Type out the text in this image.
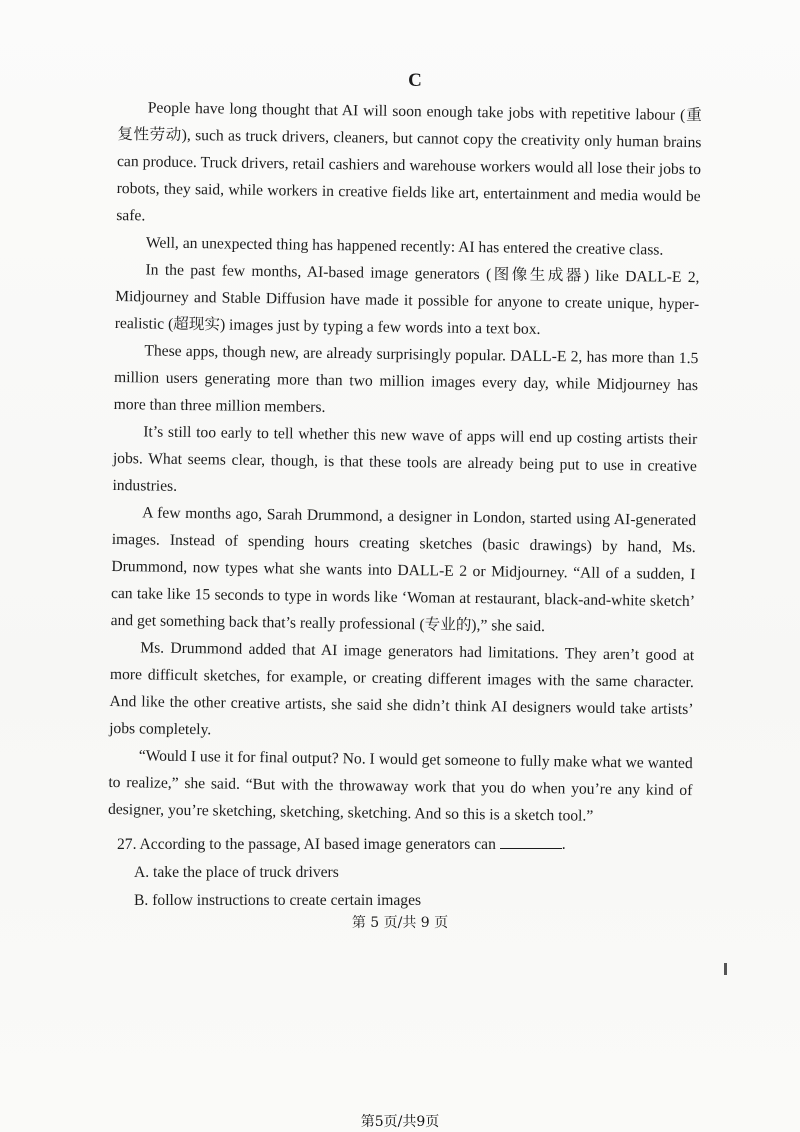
C

People have long thought that AI will soon enough take jobs with repetitive labour (重复性劳动), such as truck drivers, cleaners, but cannot copy the creativity only human brains can produce. Truck drivers, retail cashiers and warehouse workers would all lose their jobs to robots, they said, while workers in creative fields like art, entertainment and media would be safe.

Well, an unexpected thing has happened recently: AI has entered the creative class.

In the past few months, AI-based image generators (图像生成器) like DALL-E 2, Midjourney and Stable Diffusion have made it possible for anyone to create unique, hyper-realistic (超现实) images just by typing a few words into a text box.

These apps, though new, are already surprisingly popular. DALL-E 2, has more than 1.5 million users generating more than two million images every day, while Midjourney has more than three million members.

It’s still too early to tell whether this new wave of apps will end up costing artists their jobs. What seems clear, though, is that these tools are already being put to use in creative industries.

A few months ago, Sarah Drummond, a designer in London, started using AI-generated images. Instead of spending hours creating sketches (basic drawings) by hand, Ms. Drummond, now types what she wants into DALL-E 2 or Midjourney. “All of a sudden, I can take like 15 seconds to type in words like ‘Woman at restaurant, black-and-white sketch’ and get something back that’s really professional (专业的),” she said.

Ms. Drummond added that AI image generators had limitations. They aren’t good at more difficult sketches, for example, or creating different images with the same character. And like the other creative artists, she said she didn’t think AI designers would take artists’ jobs completely.

“Would I use it for final output? No. I would get someone to fully make what we wanted to realize,” she said. “But with the throwaway work that you do when you’re any kind of designer, you’re sketching, sketching, sketching. And so this is a sketch tool.”

27. According to the passage, AI based image generators can	.

A. take the place of truck drivers

B. follow instructions to create certain images

第 5 页/共 9 页
第5页/共9页
